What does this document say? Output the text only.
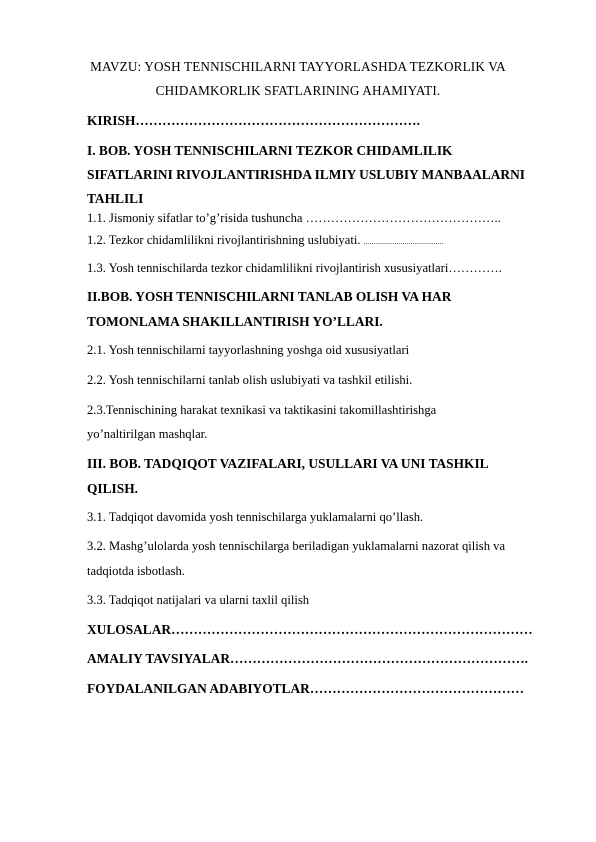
MAVZU: YOSH TENNISCHILARNI TAYYORLASHDA TEZKORLIK VA
CHIDAMKORLIK SFATLARINING AHAMIYATI.
KIRISH……………………………………………………….
I. BOB. YOSH TENNISCHILARNI TEZKOR CHIDAMLILIK
SIFATLARINI RIVOJLANTIRISHDA ILMIY USLUBIY MANBAALARNI
TAHLILI
1.1. Jismoniy sifatlar to’g’risida tushuncha ………………………………………..
1.2. Tezkor chidamlilikni rivojlantirishning uslubiyati. .........................................
1.3. Yosh tennischilarda tezkor chidamlilikni rivojlantirish xususiyatlari………….
II.BOB. YOSH TENNISCHILARNI TANLAB OLISH VA HAR
TOMONLAMA SHAKILLANTIRISH YO’LLARI.
2.1. Yosh tennischilarni tayyorlashning yoshga oid xususiyatlari
2.2. Yosh tennischilarni tanlab olish uslubiyati va tashkil etilishi.
2.3.Tennischining harakat texnikasi va taktikasini takomillashtirishga
yo’naltirilgan mashqlar.
III. BOB. TADQIQOT VAZIFALARI, USULLARI VA UNI TASHKIL
QILISH.
3.1. Tadqiqot davomida yosh tennischilarga yuklamalarni qo’llash.
3.2. Mashg’ulolarda yosh tennischilarga beriladigan yuklamalarni nazorat qilish va
tadqiotda isbotlash.
3.3. Tadqiqot natijalari va ularni taxlil qilish
XULOSALAR………………………………………………………………………
AMALIY TAVSIYALAR………………………………………………………….
FOYDALANILGAN ADABIYOTLAR…………………………………………
